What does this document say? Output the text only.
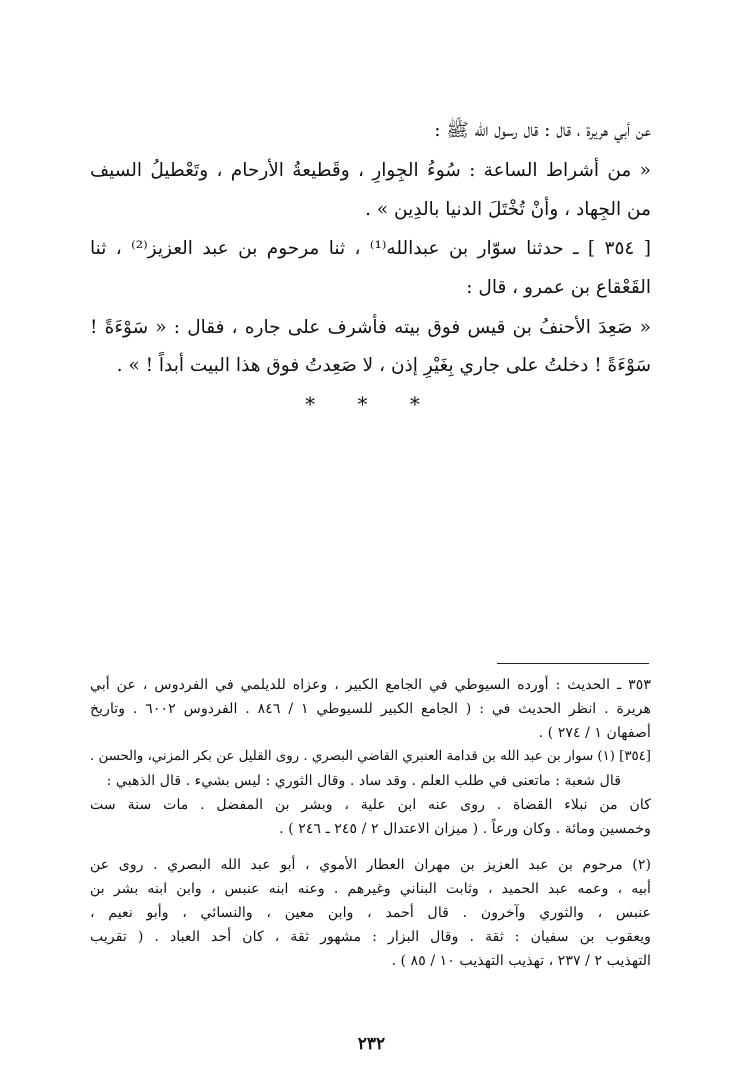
عن أبي هريرة ، قال : قال رسول الله ﷺ :
« من أشراط الساعة : سُوءُ الجِوارِ ، وقَطيعةُ الأرحام ، وتَعْطيلُ السيف
من الجِهاد ، وأنْ تُخْتَلَ الدنيا بالدِين » .
[ ٣٥٤ ] ـ حدثنا سوّار بن عبدالله⁽¹⁾ ، ثنا مرحوم بن عبد العزيز⁽²⁾ ، ثنا
القَعْقاع بن عمرو ، قال :
« صَعِدَ الأحنفُ بن قيس فوق بيته فأشرف على جاره ، فقال : « سَوْءَةً !
سَوْءَةً ! دخلتُ على جاري بِغَيْرِ إذن ، لا صَعِدتُ فوق هذا البيت أبداً ! » .
* * *
٣٥٣ ـ الحديث : أورده السيوطي في الجامع الكبير ، وعزاه للديلمي في الفردوس ، عن أبي
هريرة . انظر الحديث في : ( الجامع الكبير للسيوطي ١ / ٨٤٦ . الفردوس ٦٠٠٢ . وتاريخ
أصفهان ١ / ٢٧٤ ) .
[٣٥٤] (١) سوار بن عبد الله بن قدامة العنبري القاضي البصري . روى القليل عن بكر المزني، والحسن .
قال شعبة : ماتعنى في طلب العلم . وقد ساد . وقال الثوري : ليس بشيء . قال الذهبي :
كان من نبلاء القضاة . روى عنه ابن علية ، وبشر بن المفضل . مات سنة ست
وخمسين ومائة . وكان ورعاً . ( ميزان الاعتدال ٢ / ٢٤٥ ـ ٢٤٦ ) .
(٢) مرحوم بن عبد العزيز بن مهران العطار الأموي ، أبو عبد الله البصري . روى عن
أبيه ، وعمه عبد الحميد ، وثابت البناني وغيرهم . وعنه ابنه عنبس ، وابن ابنه بشر بن
عنبس ، والثوري وآخرون . قال أحمد ، وابن معين ، والنسائي ، وأبو نعيم ،
ويعقوب بن سفيان : ثقة . وقال البزار : مشهور ثقة ، كان أحد العباد . ( تقريب
التهذيب ٢ / ٢٣٧ ، تهذيب التهذيب ١٠ / ٨٥ ) .
٢٣٢
